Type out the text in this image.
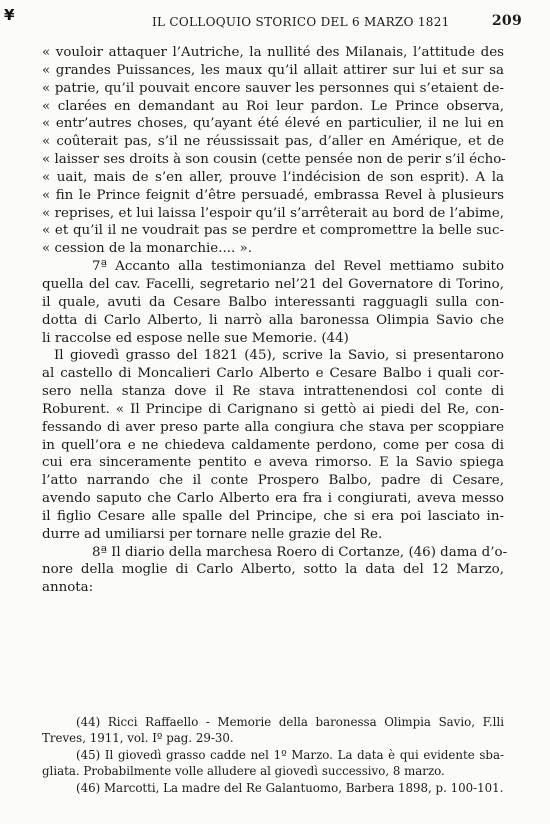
¥	IL COLLOQUIO STORICO DEL 6 MARZO 1821	209
« vouloir attaquer l’Autriche, la nullité des Milanais, l’attitude des
« grandes Puissances, les maux qu’il allait attirer sur lui et sur sa
« patrie, qu’il pouvait encore sauver les personnes qui s’etaient de-
« clarées en demandant au Roi leur pardon. Le Prince observa,
« entr’autres choses, qu’ayant été élevé en particulier, il ne lui en
« coûterait pas, s’il ne réussissait pas, d’aller en Amérique, et de
« laisser ses droits à son cousin (cette pensée non de perir s’il écho-
« uait, mais de s’en aller, prouve l’indécision de son esprit). A la
« fin le Prince feignit d’être persuadé, embrassa Revel à plusieurs
« reprises, et lui laissa l’espoir qu’il s’arrêterait au bord de l’abime,
« et qu’il il ne voudrait pas se perdre et compromettre la belle suc-
« cession de la monarchie.... ».
7ª Accanto alla testimonianza del Revel mettiamo subito
quella del cav. Facelli, segretario nel’21 del Governatore di Torino,
il quale, avuti da Cesare Balbo interessanti ragguagli sulla con-
dotta di Carlo Alberto, li narrò alla baronessa Olimpia Savio che
li raccolse ed espose nelle sue Memorie. (44)
Il giovedì grasso del 1821 (45), scrive la Savio, si presentarono
al castello di Moncalieri Carlo Alberto e Cesare Balbo i quali cor-
sero nella stanza dove il Re stava intrattenendosi col conte di
Roburent. « Il Principe di Carignano si gettò ai piedi del Re, con-
fessando di aver preso parte alla congiura che stava per scoppiare
in quell’ora e ne chiedeva caldamente perdono, come per cosa di
cui era sinceramente pentito e aveva rimorso. E la Savio spiega
l’atto narrando che il conte Prospero Balbo, padre di Cesare,
avendo saputo che Carlo Alberto era fra i congiurati, aveva messo
il figlio Cesare alle spalle del Principe, che si era poi lasciato in-
durre ad umiliarsi per tornare nelle grazie del Re.
8ª Il diario della marchesa Roero di Cortanze, (46) dama d’o-
nore della moglie di Carlo Alberto, sotto la data del 12 Marzo,
annota:
(44) Ricci Raffaello - Memorie della baronessa Olimpia Savio, F.lli
Treves, 1911, vol. Iº pag. 29-30.
(45) Il giovedì grasso cadde nel 1º Marzo. La data è qui evidente sba-
gliata. Probabilmente volle alludere al giovedì successivo, 8 marzo.
(46) Marcotti, La madre del Re Galantuomo, Barbera 1898, p. 100-101.
